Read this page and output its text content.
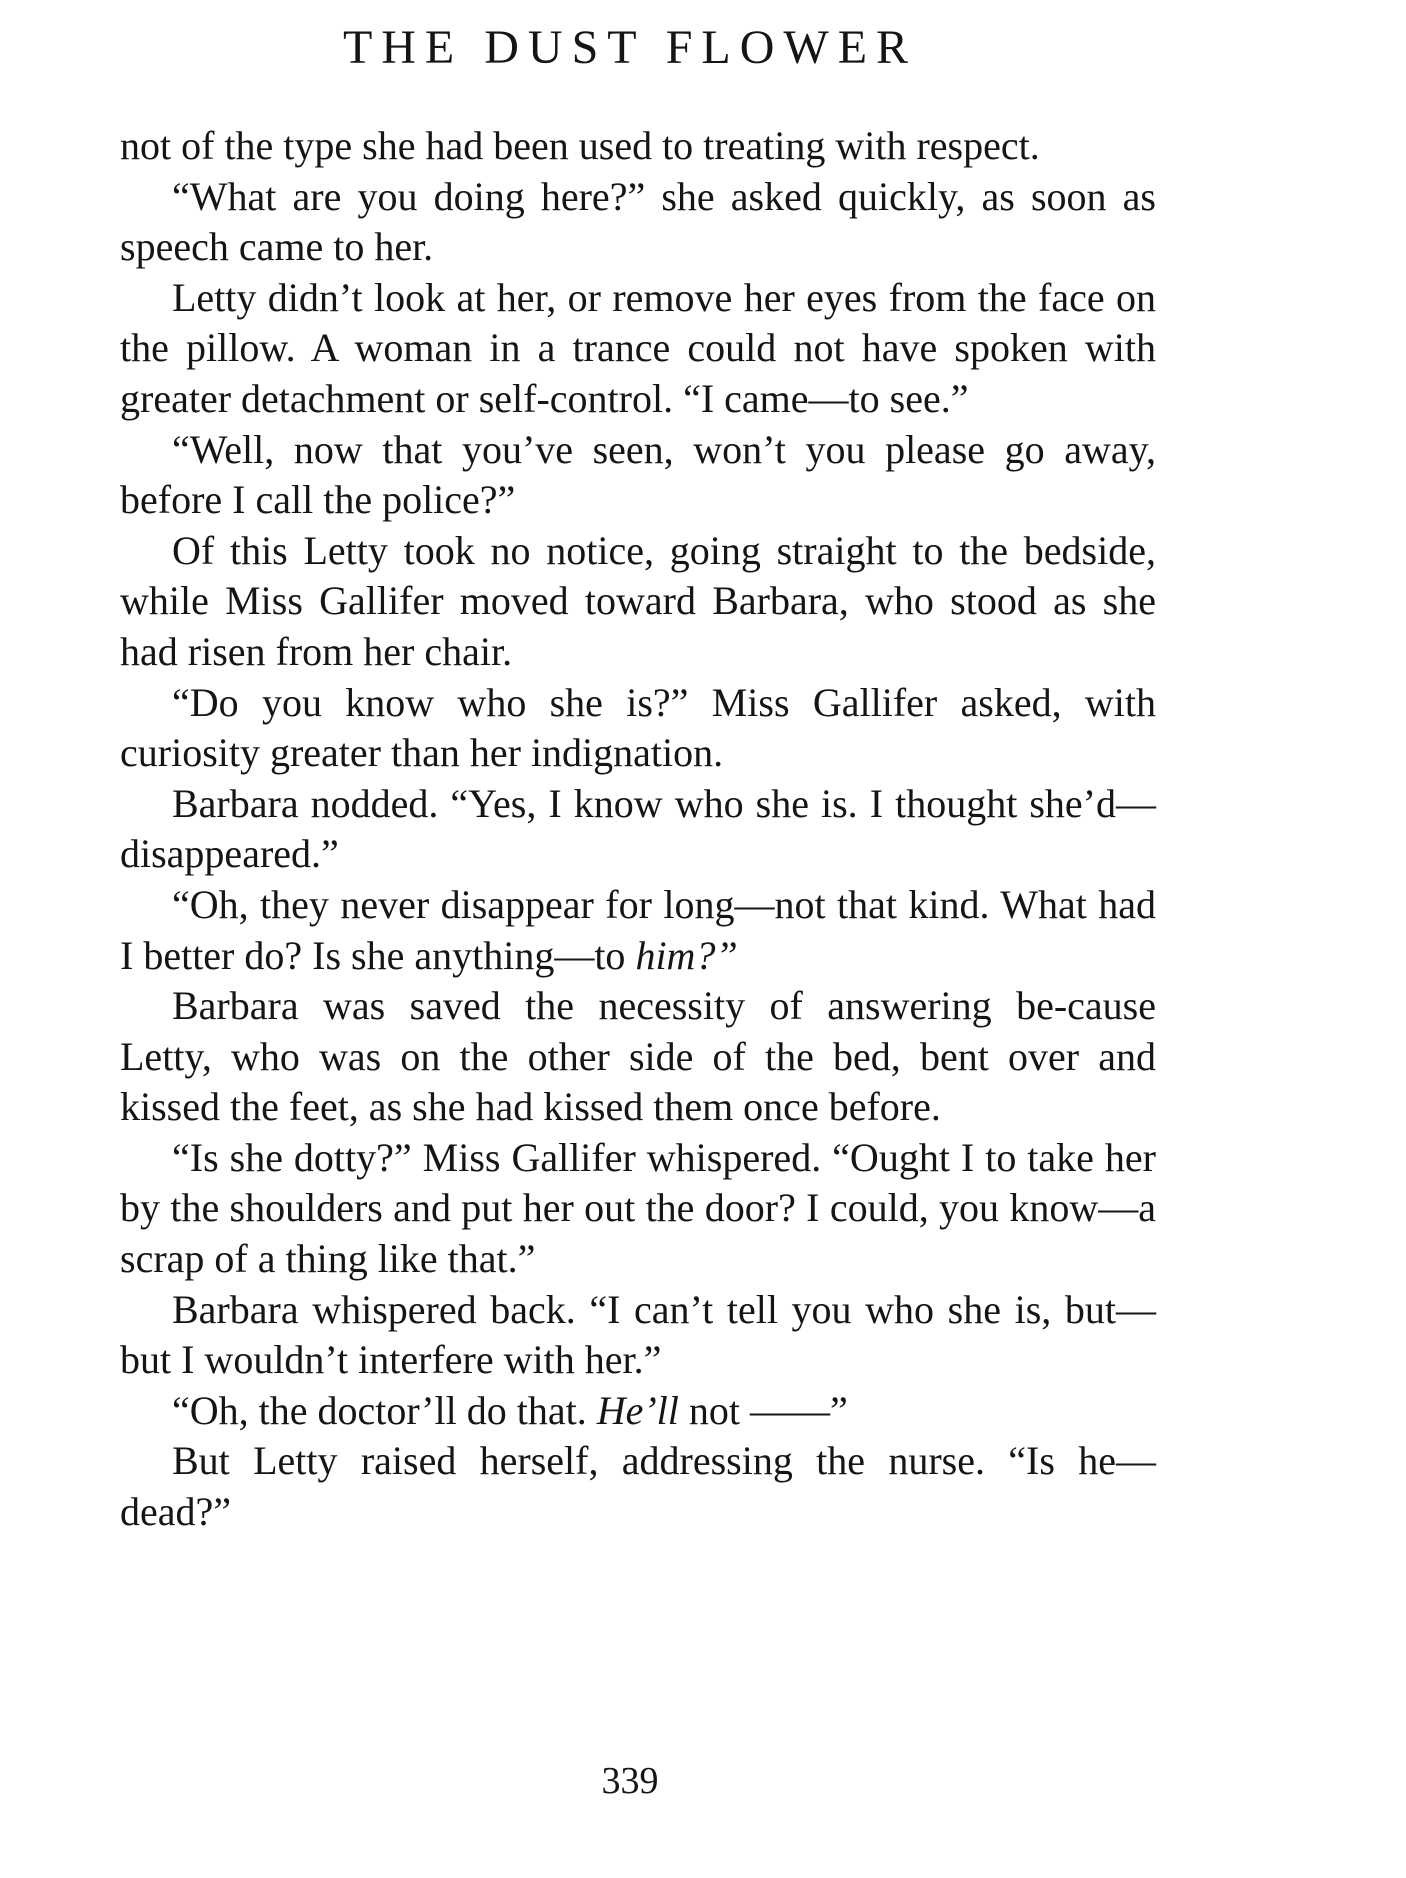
THE DUST FLOWER

not of the type she had been used to treating with respect.

“What are you doing here?” she asked quickly, as soon as speech came to her.

Letty didn’t look at her, or remove her eyes from the face on the pillow. A woman in a trance could not have spoken with greater detachment or self-control. “I came—to see.”

“Well, now that you’ve seen, won’t you please go away, before I call the police?”

Of this Letty took no notice, going straight to the bedside, while Miss Gallifer moved toward Barbara, who stood as she had risen from her chair.

“Do you know who she is?” Miss Gallifer asked, with curiosity greater than her indignation.

Barbara nodded. “Yes, I know who she is. I thought she’d—disappeared.”

“Oh, they never disappear for long—not that kind. What had I better do? Is she anything—to him?”

Barbara was saved the necessity of answering be-cause Letty, who was on the other side of the bed, bent over and kissed the feet, as she had kissed them once before.

“Is she dotty?” Miss Gallifer whispered. “Ought I to take her by the shoulders and put her out the door? I could, you know—a scrap of a thing like that.”

Barbara whispered back. “I can’t tell you who she is, but—but I wouldn’t interfere with her.”

“Oh, the doctor’ll do that. He’ll not ——”

But Letty raised herself, addressing the nurse. “Is he—dead?”

339
